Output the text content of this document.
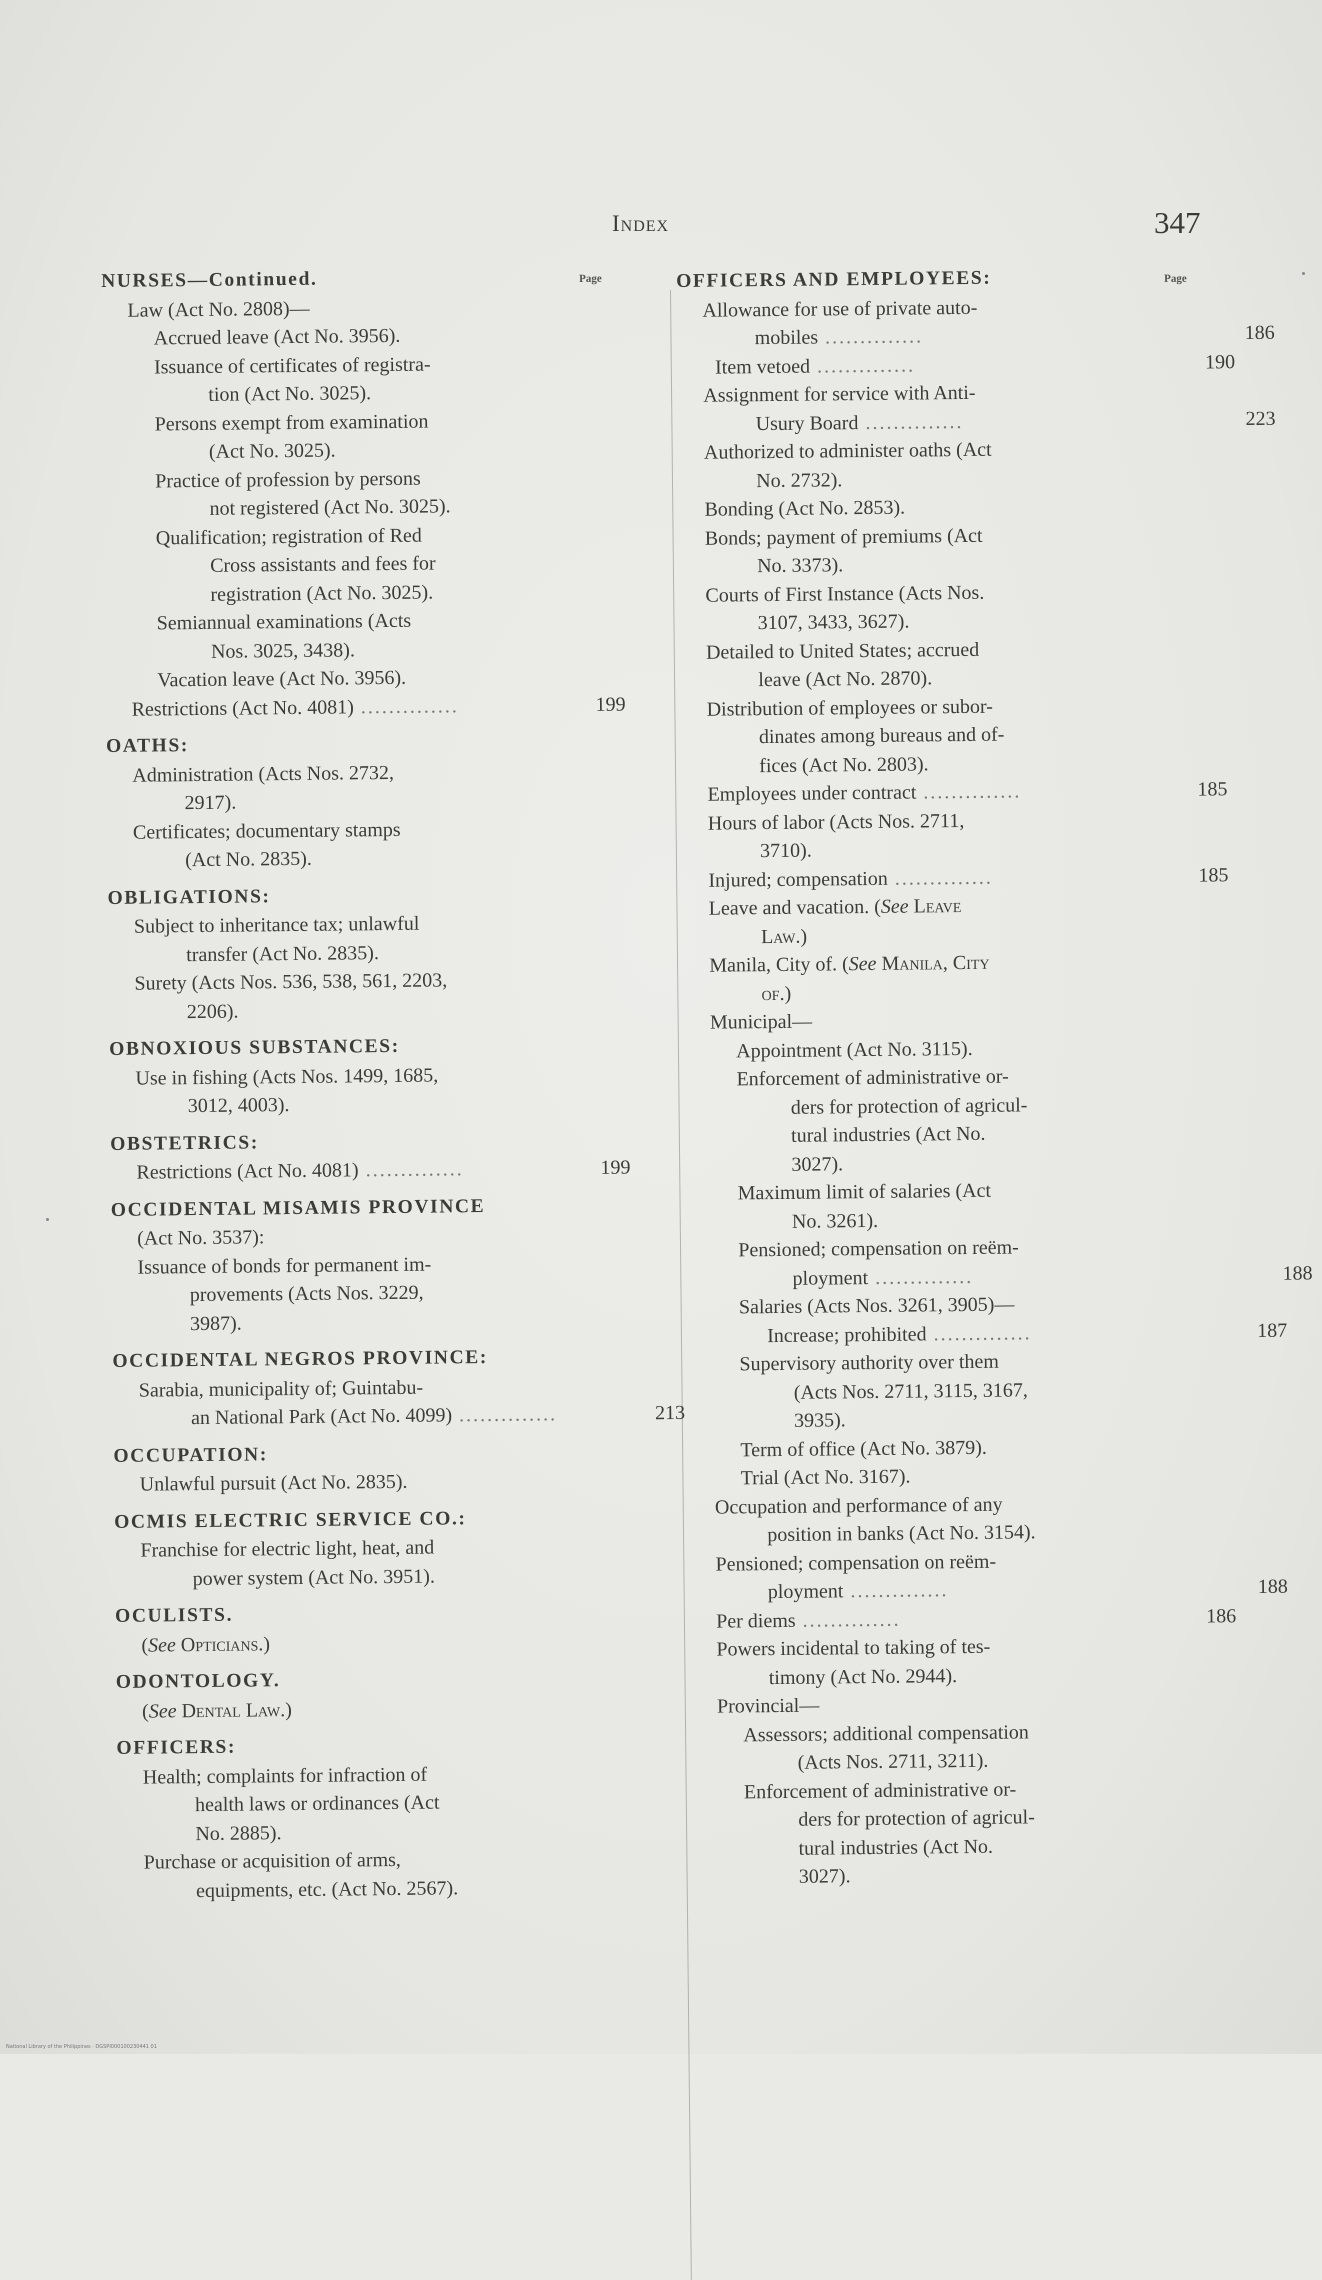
Index	347
Page
NURSES—Continued.
Law (Act No. 2808)—
Accrued leave (Act No. 3956).
Issuance of certificates of registra-
tion (Act No. 3025).
Persons exempt from examination
(Act No. 3025).
Practice of profession by persons
not registered (Act No. 3025).
Qualification; registration of Red
Cross assistants and fees for
registration (Act No. 3025).
Semiannual examinations (Acts
Nos. 3025, 3438).
Vacation leave (Act No. 3956).
Restrictions (Act No. 4081) ..............	199
OATHS:
Administration (Acts Nos. 2732,
2917).
Certificates; documentary stamps
(Act No. 2835).
OBLIGATIONS:
Subject to inheritance tax; unlawful
transfer (Act No. 2835).
Surety (Acts Nos. 536, 538, 561, 2203,
2206).
OBNOXIOUS SUBSTANCES:
Use in fishing (Acts Nos. 1499, 1685,
3012, 4003).
OBSTETRICS:
Restrictions (Act No. 4081) ..............	199
OCCIDENTAL MISAMIS PROVINCE
(Act No. 3537):
Issuance of bonds for permanent im-
provements (Acts Nos. 3229,
3987).
OCCIDENTAL NEGROS PROVINCE:
Sarabia, municipality of; Guintabu-
an National Park (Act No. 4099) ..............	213
OCCUPATION:
Unlawful pursuit (Act No. 2835).
OCMIS ELECTRIC SERVICE CO.:
Franchise for electric light, heat, and
power system (Act No. 3951).
OCULISTS.
(See Opticians.)
ODONTOLOGY.
(See Dental Law.)
OFFICERS:
Health; complaints for infraction of
health laws or ordinances (Act
No. 2885).
Purchase or acquisition of arms,
equipments, etc. (Act No. 2567).
Page
OFFICERS AND EMPLOYEES:
Allowance for use of private auto-
mobiles ..............	186
Item vetoed ..............	190
Assignment for service with Anti-
Usury Board ..............	223
Authorized to administer oaths (Act
No. 2732).
Bonding (Act No. 2853).
Bonds; payment of premiums (Act
No. 3373).
Courts of First Instance (Acts Nos.
3107, 3433, 3627).
Detailed to United States; accrued
leave (Act No. 2870).
Distribution of employees or subor-
dinates among bureaus and of-
fices (Act No. 2803).
Employees under contract ..............	185
Hours of labor (Acts Nos. 2711,
3710).
Injured; compensation ..............	185
Leave and vacation. (See Leave
Law.)
Manila, City of. (See Manila, City
of.)
Municipal—
Appointment (Act No. 3115).
Enforcement of administrative or-
ders for protection of agricul-
tural industries (Act No.
3027).
Maximum limit of salaries (Act
No. 3261).
Pensioned; compensation on reëm-
ployment ..............	188
Salaries (Acts Nos. 3261, 3905)—
Increase; prohibited ..............	187
Supervisory authority over them
(Acts Nos. 2711, 3115, 3167,
3935).
Term of office (Act No. 3879).
Trial (Act No. 3167).
Occupation and performance of any
position in banks (Act No. 3154).
Pensioned; compensation on reëm-
ployment ..............	188
Per diems ..............	186
Powers incidental to taking of tes-
timony (Act No. 2944).
Provincial—
Assessors; additional compensation
(Acts Nos. 2711, 3211).
Enforcement of administrative or-
ders for protection of agricul-
tural industries (Act No.
3027).
National Library of the Philippines · DGSPI000100230441 01
